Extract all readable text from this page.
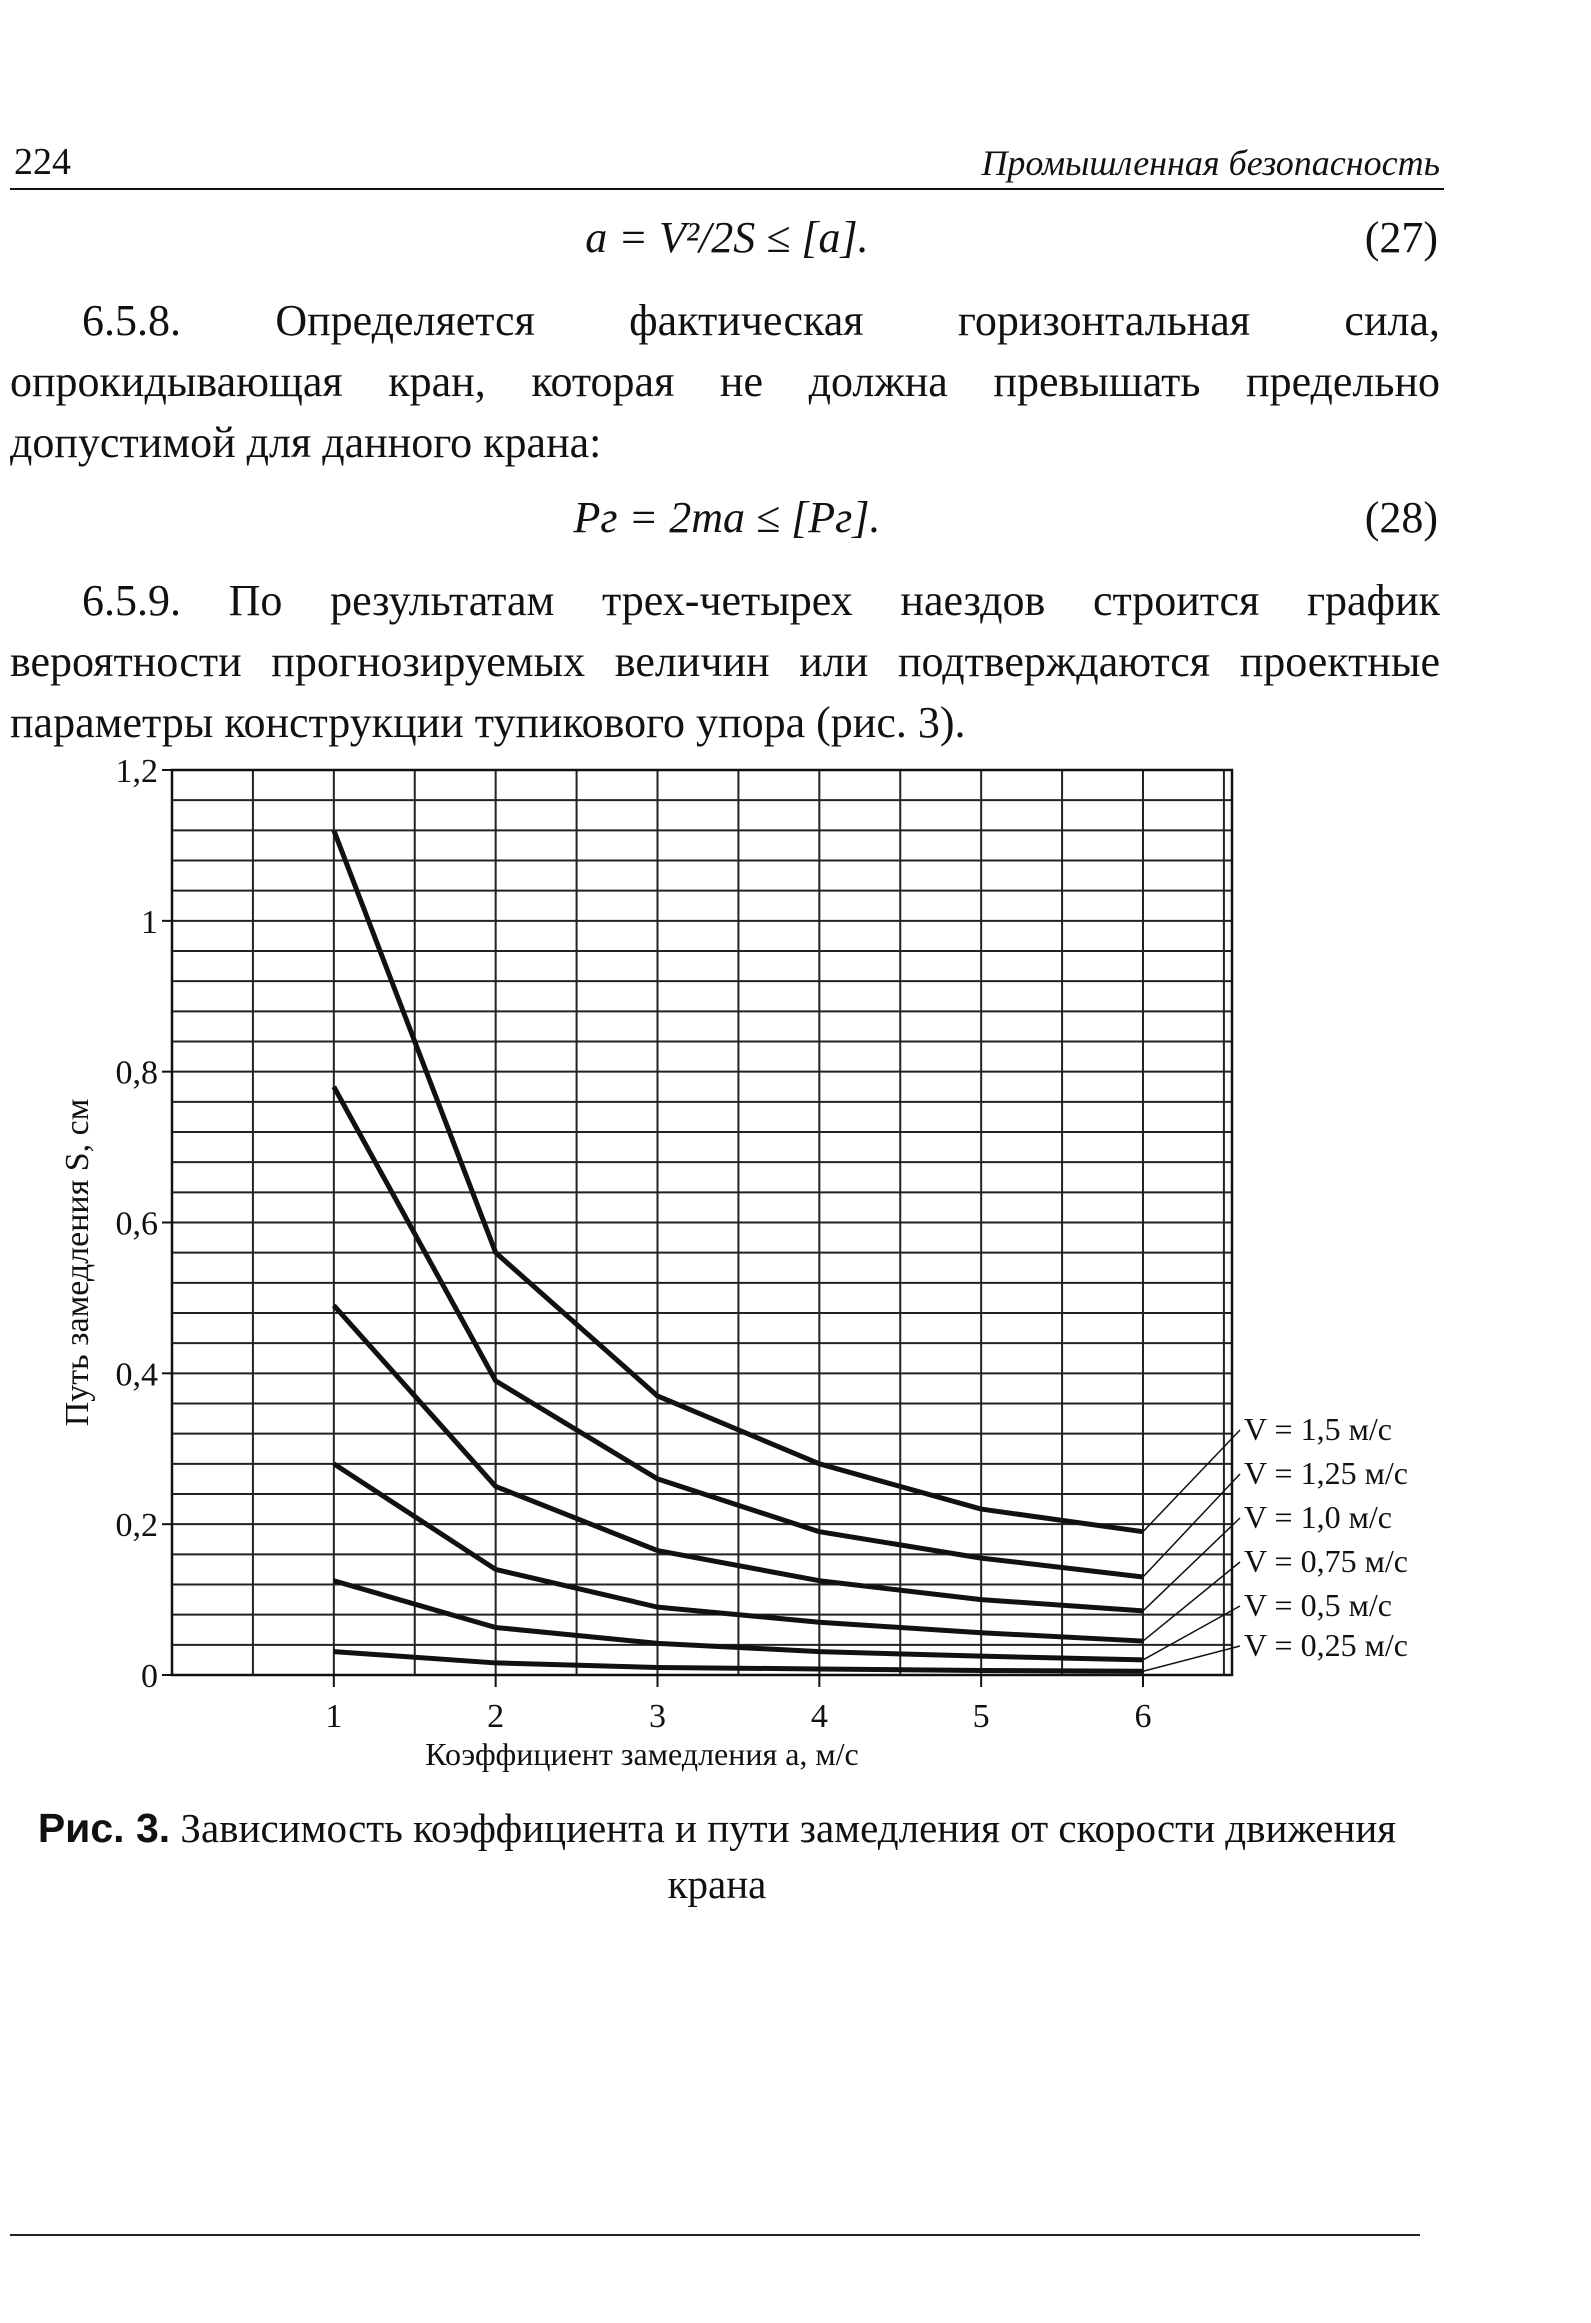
224	Промышленная безопасность
a = V²/2S ≤ [a].	(27)

6.5.8. Определяется фактическая горизонтальная сила, опрокидывающая кран, которая не должна превышать предельно допустимой для данного крана:

Pг = 2ma ≤ [Pг].	(28)

6.5.9. По результатам трех-четырех наездов строится график вероятности прогнозируемых величин или подтверждаются проектные параметры конструкции тупикового упора (рис. 3).

0
0,2
0,4
0,6
0,8
1
1,2
1	2	3	4	5	6
Коэффициент замедления a, м/с
Путь замедления S, см
V = 1,5 м/с
V = 1,25 м/с
V = 1,0 м/с
V = 0,75 м/с
V = 0,5 м/с
V = 0,25 м/с
Рис. 3. Зависимость коэффициента и пути замедления от скорости движения крана
